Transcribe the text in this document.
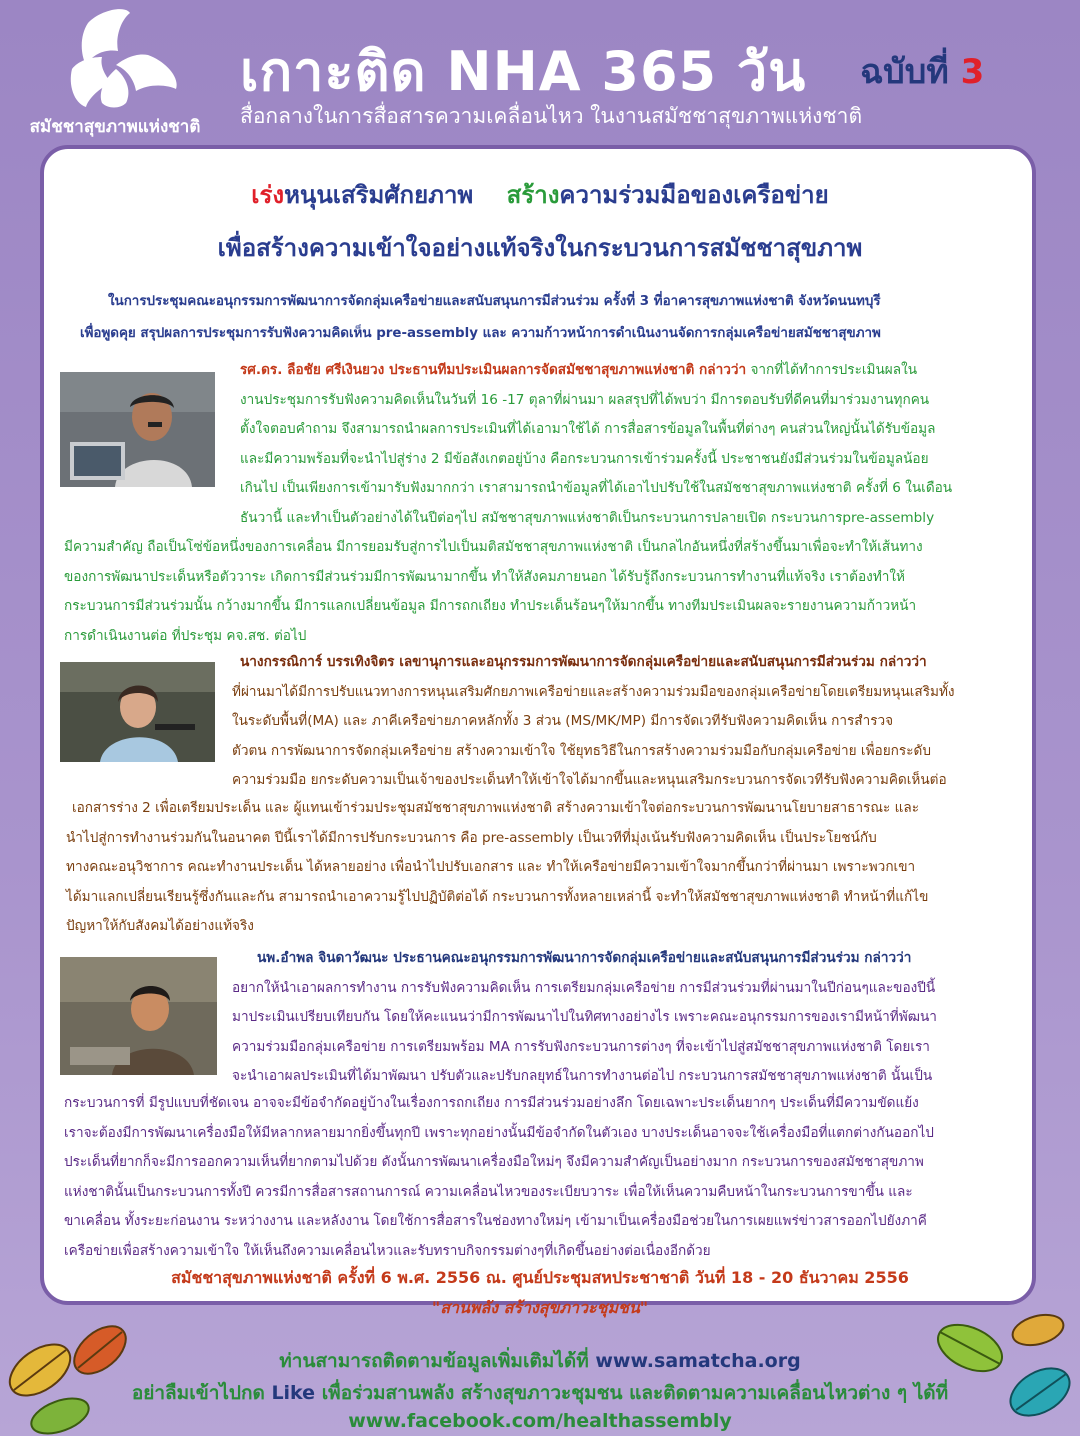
สมัชชาสุขภาพแห่งชาติ
เกาะติด NHA 365 วัน ฉบับที่ 3
สื่อกลางในการสื่อสารความเคลื่อนไหว ในงานสมัชชาสุขภาพแห่งชาติ
เร่งหนุนเสริมศักยภาพ สร้างความร่วมมือของเครือข่าย
เพื่อสร้างความเข้าใจอย่างแท้จริงในกระบวนการสมัชชาสุขภาพ

ในการประชุมคณะอนุกรรมการพัฒนาการจัดกลุ่มเครือข่ายและสนับสนุนการมีส่วนร่วม ครั้งที่ 3 ที่อาคารสุขภาพแห่งชาติ จังหวัดนนทบุรี

เพื่อพูดคุย สรุปผลการประชุมการรับฟังความคิดเห็น pre-assembly และ ความก้าวหน้าการดำเนินงานจัดการกลุ่มเครือข่ายสมัชชาสุขภาพ

รศ.ดร. ลือชัย ศรีเงินยวง ประธานทีมประเมินผลการจัดสมัชชาสุขภาพแห่งชาติ กล่าวว่า จากที่ได้ทำการประเมินผลใน

งานประชุมการรับฟังความคิดเห็นในวันที่ 16 -17 ตุลาที่ผ่านมา ผลสรุปที่ได้พบว่า มีการตอบรับที่ดีคนที่มาร่วมงานทุกคน

ตั้งใจตอบคำถาม จึงสามารถนำผลการประเมินที่ได้เอามาใช้ได้ การสื่อสารข้อมูลในพื้นที่ต่างๆ คนส่วนใหญ่นั้นได้รับข้อมูล

และมีความพร้อมที่จะนำไปสู่ร่าง 2 มีข้อสังเกตอยู่บ้าง คือกระบวนการเข้าร่วมครั้งนี้ ประชาชนยังมีส่วนร่วมในข้อมูลน้อย

เกินไป เป็นเพียงการเข้ามารับฟังมากกว่า เราสามารถนำข้อมูลที่ได้เอาไปปรับใช้ในสมัชชาสุขภาพแห่งชาติ ครั้งที่ 6 ในเดือน

ธันวานี้ และทำเป็นตัวอย่างได้ในปีต่อๆไป สมัชชาสุขภาพแห่งชาติเป็นกระบวนการปลายเปิด กระบวนการpre-assembly

มีความสำคัญ ถือเป็นโซ่ข้อหนึ่งของการเคลื่อน มีการยอมรับสู่การไปเป็นมติสมัชชาสุขภาพแห่งชาติ เป็นกลไกอันหนึ่งที่สร้างขึ้นมาเพื่อจะทำให้เส้นทาง

ของการพัฒนาประเด็นหรือตัววาระ เกิดการมีส่วนร่วมมีการพัฒนามากขึ้น ทำให้สังคมภายนอก ได้รับรู้ถึงกระบวนการทำงานที่แท้จริง เราต้องทำให้

กระบวนการมีส่วนร่วมนั้น กว้างมากขึ้น มีการแลกเปลี่ยนข้อมูล มีการถกเถียง ทำประเด็นร้อนๆให้มากขึ้น ทางทีมประเมินผลจะรายงานความก้าวหน้า

การดำเนินงานต่อ ที่ประชุม คจ.สช. ต่อไป

นางกรรณิการ์ บรรเทิงจิตร เลขานุการและอนุกรรมการพัฒนาการจัดกลุ่มเครือข่ายและสนับสนุนการมีส่วนร่วม กล่าวว่า

ที่ผ่านมาได้มีการปรับแนวทางการหนุนเสริมศักยภาพเครือข่ายและสร้างความร่วมมือของกลุ่มเครือข่ายโดยเตรียมหนุนเสริมทั้ง

ในระดับพื้นที่(MA) และ ภาคีเครือข่ายภาคหลักทั้ง 3 ส่วน (MS/MK/MP) มีการจัดเวทีรับฟังความคิดเห็น การสำรวจ

ตัวตน การพัฒนาการจัดกลุ่มเครือข่าย สร้างความเข้าใจ ใช้ยุทธวิธีในการสร้างความร่วมมือกับกลุ่มเครือข่าย เพื่อยกระดับ

ความร่วมมือ ยกระดับความเป็นเจ้าของประเด็นทำให้เข้าใจได้มากขึ้นและหนุนเสริมกระบวนการจัดเวทีรับฟังความคิดเห็นต่อ

เอกสารร่าง 2 เพื่อเตรียมประเด็น และ ผู้แทนเข้าร่วมประชุมสมัชชาสุขภาพแห่งชาติ สร้างความเข้าใจต่อกระบวนการพัฒนานโยบายสาธารณะ และ

นำไปสู่การทำงานร่วมกันในอนาคต ปีนี้เราได้มีการปรับกระบวนการ คือ pre-assembly เป็นเวทีที่มุ่งเน้นรับฟังความคิดเห็น เป็นประโยชน์กับ

ทางคณะอนุวิชาการ คณะทำงานประเด็น ได้หลายอย่าง เพื่อนำไปปรับเอกสาร และ ทำให้เครือข่ายมีความเข้าใจมากขึ้นกว่าที่ผ่านมา เพราะพวกเขา

ได้มาแลกเปลี่ยนเรียนรู้ซึ่งกันและกัน สามารถนำเอาความรู้ไปปฏิบัติต่อได้ กระบวนการทั้งหลายเหล่านี้ จะทำให้สมัชชาสุขภาพแห่งชาติ ทำหน้าที่แก้ไข

ปัญหาให้กับสังคมได้อย่างแท้จริง

นพ.อำพล จินดาวัฒนะ ประธานคณะอนุกรรมการพัฒนาการจัดกลุ่มเครือข่ายและสนับสนุนการมีส่วนร่วม กล่าวว่า

อยากให้นำเอาผลการทำงาน การรับฟังความคิดเห็น การเตรียมกลุ่มเครือข่าย การมีส่วนร่วมที่ผ่านมาในปีก่อนๆและของปีนี้

มาประเมินเปรียบเทียบกัน โดยให้คะแนนว่ามีการพัฒนาไปในทิศทางอย่างไร เพราะคณะอนุกรรมการของเรามีหน้าที่พัฒนา

ความร่วมมือกลุ่มเครือข่าย การเตรียมพร้อม MA การรับฟังกระบวนการต่างๆ ที่จะเข้าไปสู่สมัชชาสุขภาพแห่งชาติ โดยเรา

จะนำเอาผลประเมินที่ได้มาพัฒนา ปรับตัวและปรับกลยุทธ์ในการทำงานต่อไป กระบวนการสมัชชาสุขภาพแห่งชาติ นั้นเป็น

กระบวนการที่ มีรูปแบบที่ชัดเจน อาจจะมีข้อจำกัดอยู่บ้างในเรื่องการถกเถียง การมีส่วนร่วมอย่างลึก โดยเฉพาะประเด็นยากๆ ประเด็นที่มีความขัดแย้ง

เราจะต้องมีการพัฒนาเครื่องมือให้มีหลากหลายมากยิ่งขึ้นทุกปี เพราะทุกอย่างนั้นมีข้อจำกัดในตัวเอง บางประเด็นอาจจะใช้เครื่องมือที่แตกต่างกันออกไป

ประเด็นที่ยากก็จะมีการออกความเห็นที่ยากตามไปด้วย ดังนั้นการพัฒนาเครื่องมือใหม่ๆ จึงมีความสำคัญเป็นอย่างมาก กระบวนการของสมัชชาสุขภาพ

แห่งชาตินั้นเป็นกระบวนการทั้งปี ควรมีการสื่อสารสถานการณ์ ความเคลื่อนไหวของระเบียบวาระ เพื่อให้เห็นความคืบหน้าในกระบวนการขาขึ้น และ

ขาเคลื่อน ทั้งระยะก่อนงาน ระหว่างงาน และหลังงาน โดยใช้การสื่อสารในช่องทางใหม่ๆ เข้ามาเป็นเครื่องมือช่วยในการเผยแพร่ข่าวสารออกไปยังภาคี

เครือข่ายเพื่อสร้างความเข้าใจ ให้เห็นถึงความเคลื่อนไหวและรับทราบกิจกรรมต่างๆที่เกิดขึ้นอย่างต่อเนื่องอีกด้วย

สมัชชาสุขภาพแห่งชาติ ครั้งที่ 6 พ.ศ. 2556 ณ. ศูนย์ประชุมสหประชาชาติ วันที่ 18 - 20 ธันวาคม 2556
"สานพลัง สร้างสุขภาวะชุมชน"
ท่านสามารถติดตามข้อมูลเพิ่มเติมได้ที่ www.samatcha.org
อย่าลืมเข้าไปกด Like เพื่อร่วมสานพลัง สร้างสุขภาวะชุมชน และติดตามความเคลื่อนไหวต่าง ๆ ได้ที่
www.facebook.com/healthassembly
